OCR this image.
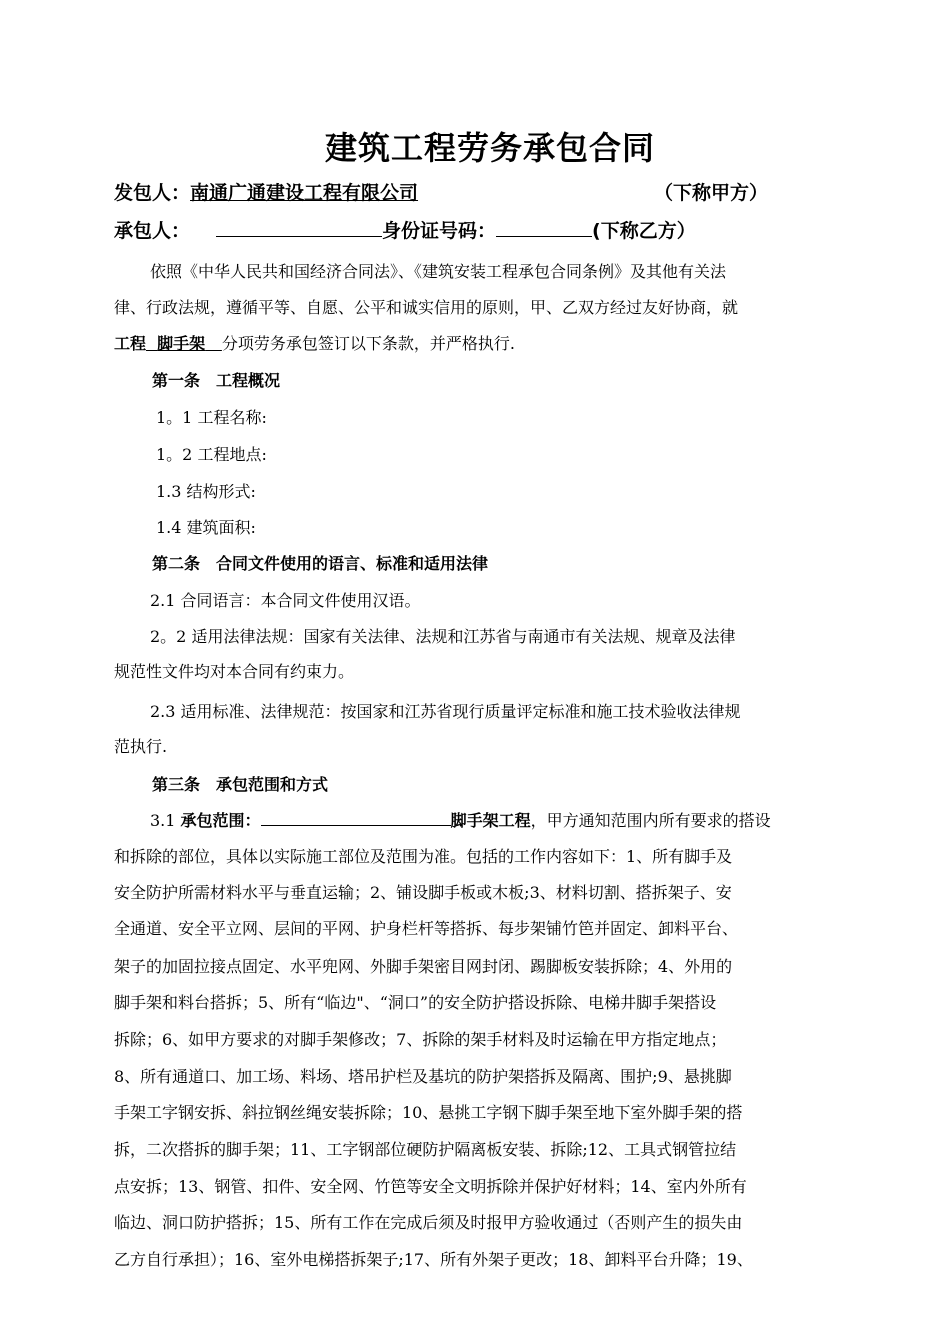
建筑工程劳务承包合同
发包人：南通广通建设工程有限公司	（下称甲方）
承包人：	身份证号码：	(下称乙方）
依照《中华人民共和国经济合同法》、《建筑安装工程承包合同条例》及其他有关法
律、行政法规，遵循平等、自愿、公平和诚实信用的原则，甲、乙双方经过友好协商，就
工程 脚手架 分项劳务承包签订以下条款，并严格执行.
第一条　工程概况
1。1 工程名称:
1。2 工程地点:
1.3 结构形式:
1.4 建筑面积:
第二条　合同文件使用的语言、标准和适用法律
2.1 合同语言：本合同文件使用汉语。
2。2 适用法律法规：国家有关法律、法规和江苏省与南通市有关法规、规章及法律
规范性文件均对本合同有约束力。
2.3 适用标准、法律规范：按国家和江苏省现行质量评定标准和施工技术验收法律规
范执行.
第三条　承包范围和方式
3.1 承包范围：	脚手架工程，甲方通知范围内所有要求的搭设
和拆除的部位，具体以实际施工部位及范围为准。包括的工作内容如下：1、所有脚手及
安全防护所需材料水平与垂直运输；2、铺设脚手板或木板;3、材料切割、搭拆架子、安
全通道、安全平立网、层间的平网、护身栏杆等搭拆、每步架铺竹笆并固定、卸料平台、
架子的加固拉接点固定、水平兜网、外脚手架密目网封闭、踢脚板安装拆除；4、外用的
脚手架和料台搭拆；5、所有“临边"、“洞口”的安全防护搭设拆除、电梯井脚手架搭设
拆除；6、如甲方要求的对脚手架修改；7、拆除的架手材料及时运输在甲方指定地点；
8、所有通道口、加工场、料场、塔吊护栏及基坑的防护架搭拆及隔离、围护;9、悬挑脚
手架工字钢安拆、斜拉钢丝绳安装拆除；10、悬挑工字钢下脚手架至地下室外脚手架的搭
拆，二次搭拆的脚手架；11、工字钢部位硬防护隔离板安装、拆除;12、工具式钢管拉结
点安拆；13、钢管、扣件、安全网、竹笆等安全文明拆除并保护好材料；14、室内外所有
临边、洞口防护搭拆；15、所有工作在完成后须及时报甲方验收通过（否则产生的损失由
乙方自行承担）；16、室外电梯搭拆架子;17、所有外架子更改；18、卸料平台升降；19、
